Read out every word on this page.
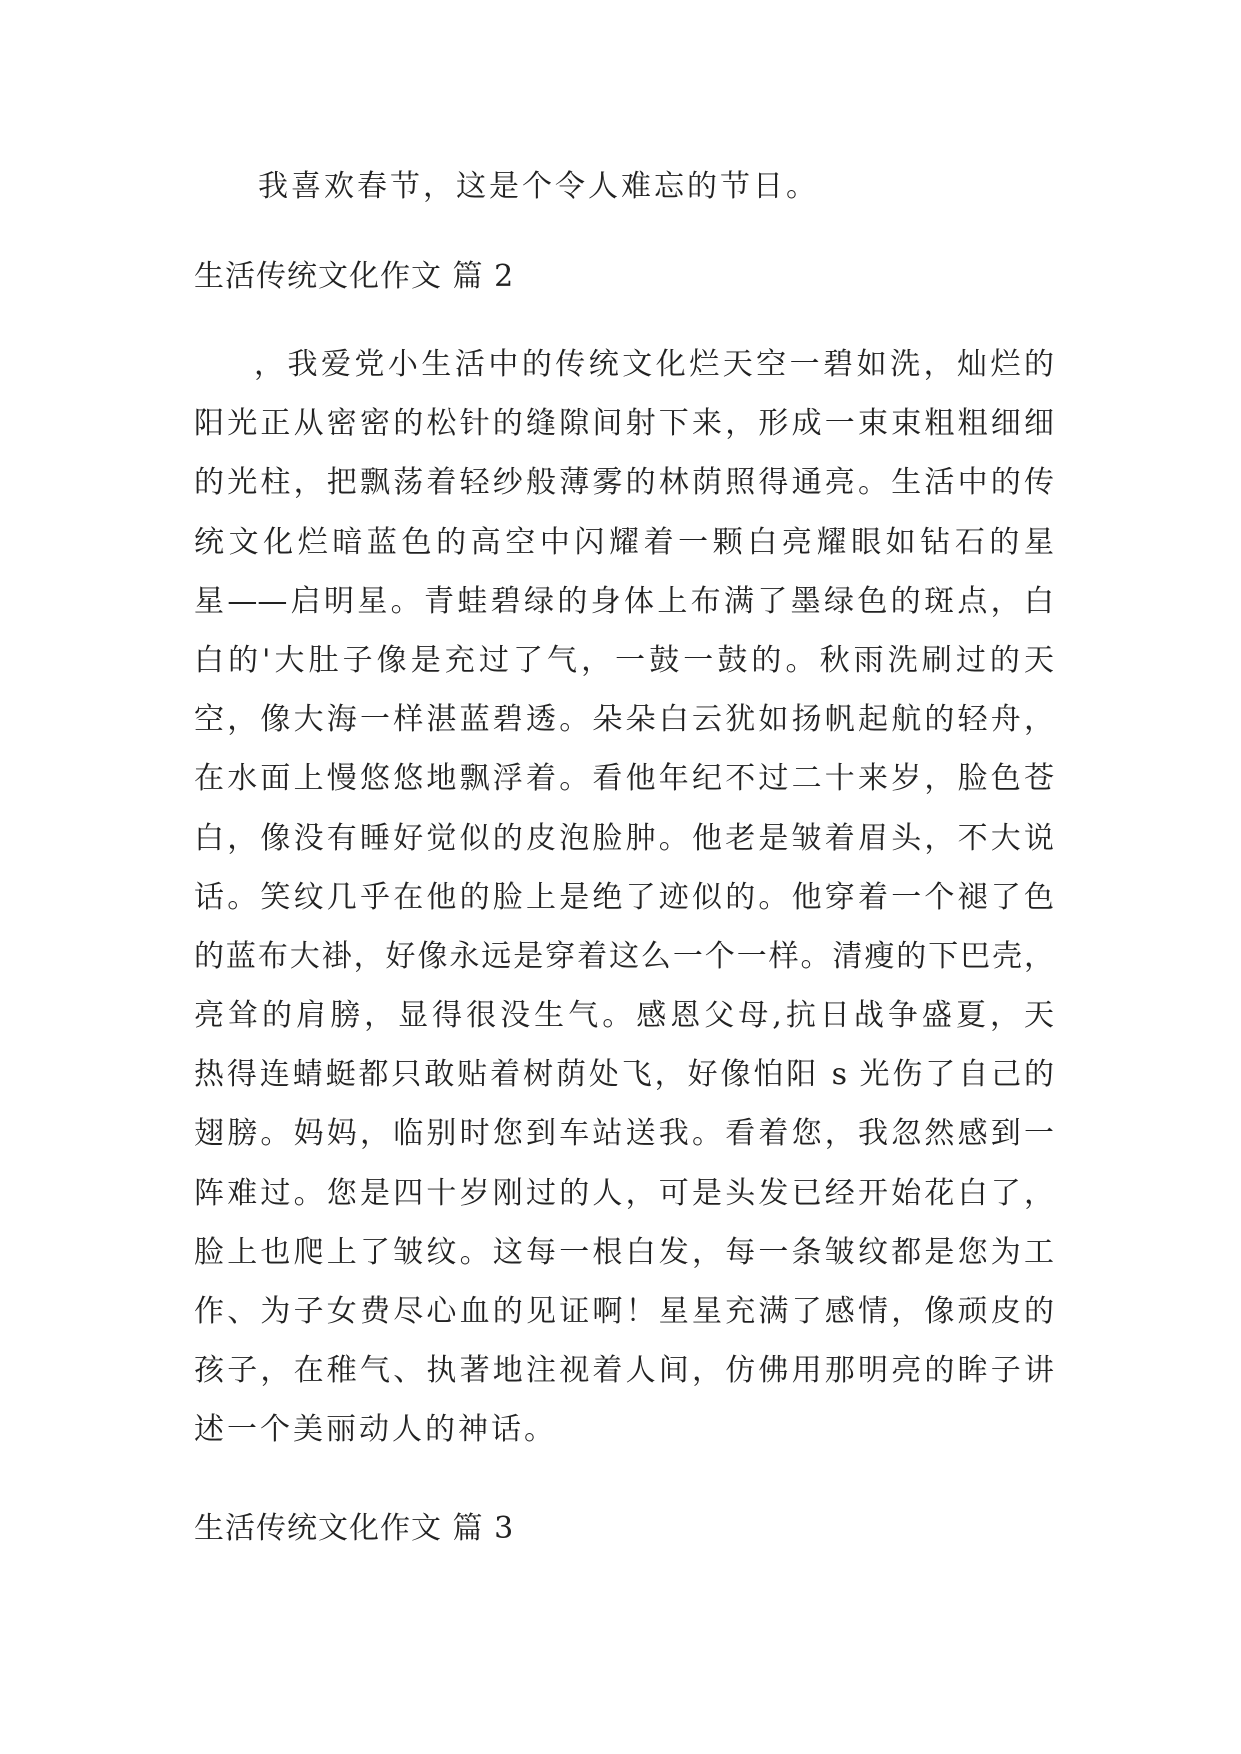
我喜欢春节，这是个令人难忘的节日。
生活传统文化作文 篇 2
，我爱党小生活中的传统文化烂天空一碧如洗，灿烂的
阳光正从密密的松针的缝隙间射下来，形成一束束粗粗细细
的光柱，把飘荡着轻纱般薄雾的林荫照得通亮。生活中的传
统文化烂暗蓝色的高空中闪耀着一颗白亮耀眼如钻石的星
星——启明星。青蛙碧绿的身体上布满了墨绿色的斑点，白
白的'大肚子像是充过了气，一鼓一鼓的。秋雨洗刷过的天
空，像大海一样湛蓝碧透。朵朵白云犹如扬帆起航的轻舟，
在水面上慢悠悠地飘浮着。看他年纪不过二十来岁，脸色苍
白，像没有睡好觉似的皮泡脸肿。他老是皱着眉头，不大说
话。笑纹几乎在他的脸上是绝了迹似的。他穿着一个褪了色
的蓝布大褂，好像永远是穿着这么一个一样。清瘦的下巴壳，
亮耸的肩膀，显得很没生气。感恩父母,抗日战争盛夏，天
热得连蜻蜓都只敢贴着树荫处飞，好像怕阳 s 光伤了自己的
翅膀。妈妈，临别时您到车站送我。看着您，我忽然感到一
阵难过。您是四十岁刚过的人，可是头发已经开始花白了，
脸上也爬上了皱纹。这每一根白发，每一条皱纹都是您为工
作、为子女费尽心血的见证啊！星星充满了感情，像顽皮的
孩子，在稚气、执著地注视着人间，仿佛用那明亮的眸子讲
述一个美丽动人的神话。
生活传统文化作文 篇 3
